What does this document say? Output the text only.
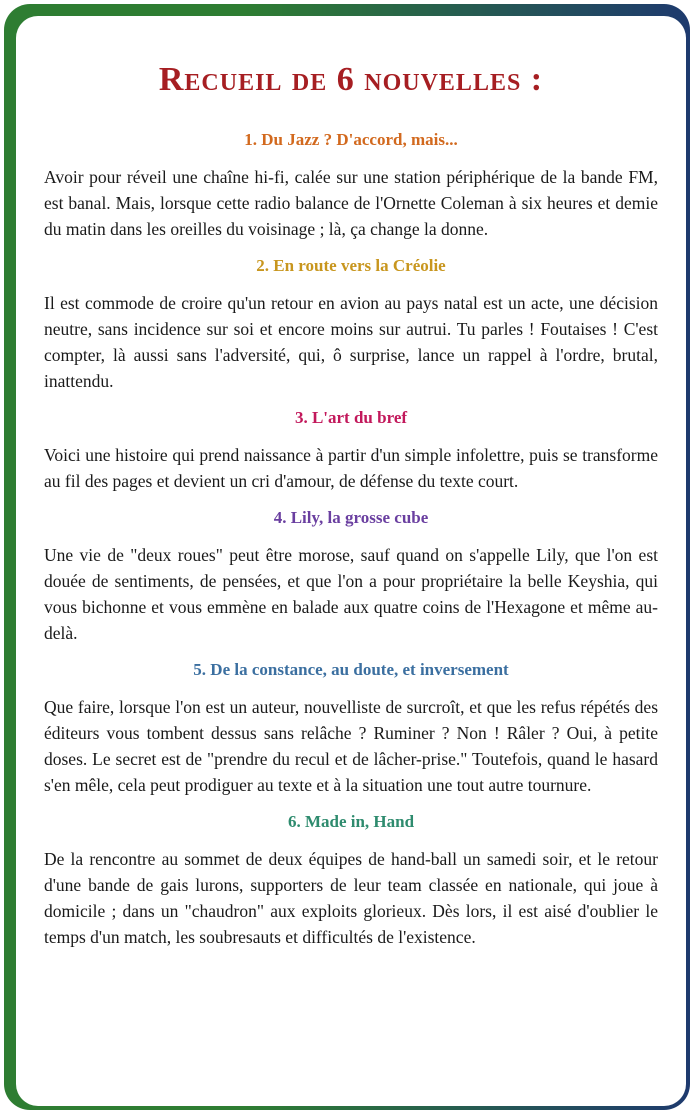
Recueil de 6 nouvelles :
1. Du Jazz ? D'accord, mais...

Avoir pour réveil une chaîne hi-fi, calée sur une station périphérique de la bande FM, est banal. Mais, lorsque cette radio balance de l'Ornette Coleman à six heures et demie du matin dans les oreilles du voisinage ; là, ça change la donne.

2. En route vers la Créolie

Il est commode de croire qu'un retour en avion au pays natal est un acte, une décision neutre, sans incidence sur soi et encore moins sur autrui. Tu parles ! Foutaises ! C'est compter, là aussi sans l'adversité, qui, ô surprise, lance un rappel à l'ordre, brutal, inattendu.

3. L'art du bref

Voici une histoire qui prend naissance à partir d'un simple infolettre, puis se transforme au fil des pages et devient un cri d'amour, de défense du texte court.

4. Lily, la grosse cube

Une vie de "deux roues" peut être morose, sauf quand on s'appelle Lily, que l'on est douée de sentiments, de pensées, et que l'on a pour propriétaire la belle Keyshia, qui vous bichonne et vous emmène en balade aux quatre coins de l'Hexagone et même au-delà.

5. De la constance, au doute, et inversement

Que faire, lorsque l'on est un auteur, nouvelliste de surcroît, et que les refus répétés des éditeurs vous tombent dessus sans relâche ? Ruminer ? Non ! Râler ? Oui, à petite doses. Le secret est de "prendre du recul et de lâcher-prise." Toutefois, quand le hasard s'en mêle, cela peut prodiguer au texte et à la situation une tout autre tournure.

6. Made in, Hand

De la rencontre au sommet de deux équipes de hand-ball un samedi soir, et le retour d'une bande de gais lurons, supporters de leur team classée en nationale, qui joue à domicile ; dans un "chaudron" aux exploits glorieux. Dès lors, il est aisé d'oublier le temps d'un match, les soubresauts et difficultés de l'existence.
